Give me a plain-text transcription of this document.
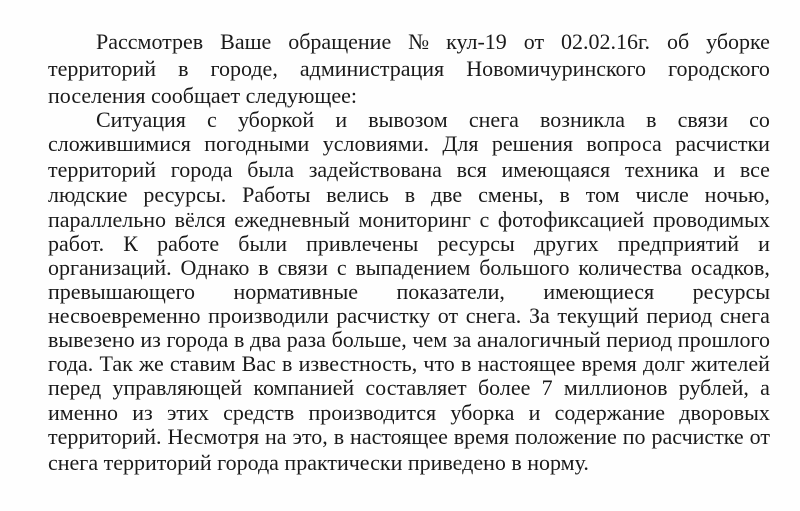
Рассмотрев Ваше обращение № кул-19 от 02.02.16г. об уборке
территорий в городе, администрация Новомичуринского городского
поселения сообщает следующее:
Ситуация с уборкой и вывозом снега возникла в связи со
сложившимися погодными условиями. Для решения вопроса расчистки
территорий города была задействована вся имеющаяся техника и все
людские ресурсы. Работы велись в две смены, в том числе ночью,
параллельно вёлся ежедневный мониторинг с фотофиксацией проводимых
работ. К работе были привлечены ресурсы других предприятий и
организаций. Однако в связи с выпадением большого количества осадков,
превышающего нормативные показатели, имеющиеся ресурсы
несвоевременно производили расчистку от снега. За текущий период снега
вывезено из города в два раза больше, чем за аналогичный период прошлого
года. Так же ставим Вас в известность, что в настоящее время долг жителей
перед управляющей компанией составляет более 7 миллионов рублей, а
именно из этих средств производится уборка и содержание дворовых
территорий. Несмотря на это, в настоящее время положение по расчистке от
снега территорий города практически приведено в норму.
